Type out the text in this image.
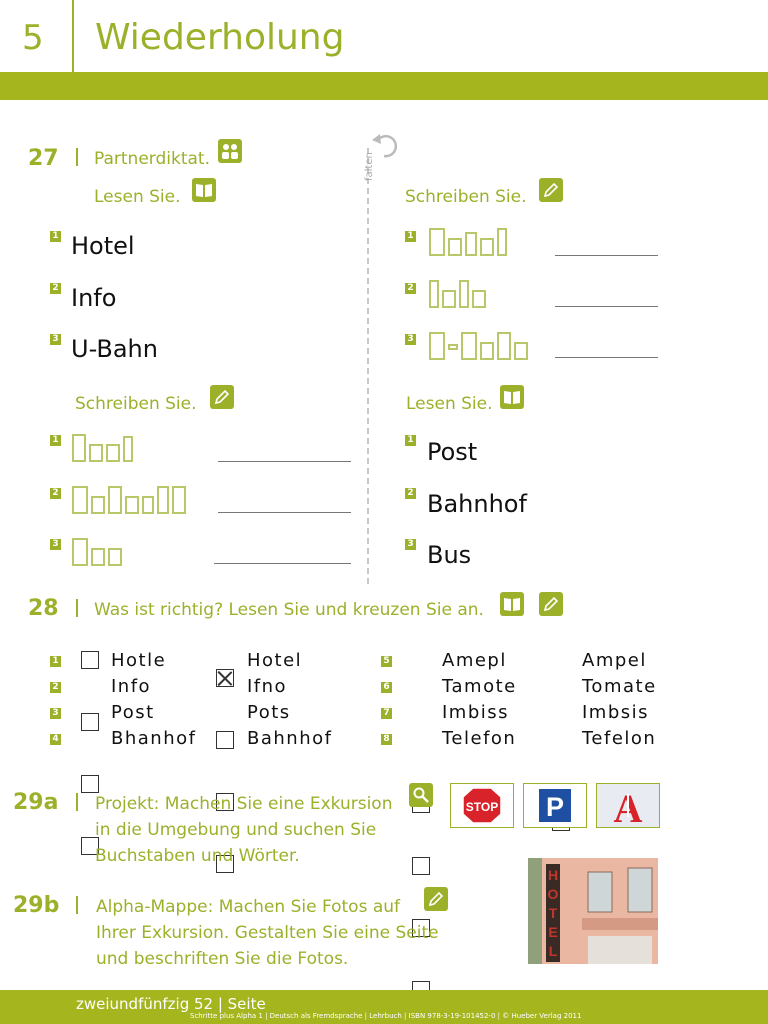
5 Wiederholung
27 Partnerdiktat.
Lesen Sie.
1 Hotel
2 Info
3 U-Bahn
Schreiben Sie.
1
2
3
falten
Schreiben Sie.
1
2
3
Lesen Sie.
1 Post
2 Bahnhof
3 Bus
28 Was ist richtig? Lesen Sie und kreuzen Sie an.
1	Hotle	Hotel
2	Info	Ifno
3	Post	Pots
4	Bhanhof	Bahnhof
5	Amepl	Ampel
6	Tamote	Tomate
7	Imbiss	Imbsis
8	Telefon	Tefelon
29a Projekt: Machen Sie eine Exkursion
in die Umgebung und suchen Sie
Buchstaben und Wörter.
STOP P A
29b Alpha-Mappe: Machen Sie Fotos auf
Ihrer Exkursion. Gestalten Sie eine Seite
und beschriften Sie die Fotos.
H O T E L
zweiundfünfzig 52 | Seite
Schritte plus Alpha 1 | Deutsch als Fremdsprache | Lehrbuch | ISBN 978-3-19-101452-0 | © Hueber Verlag 2011
